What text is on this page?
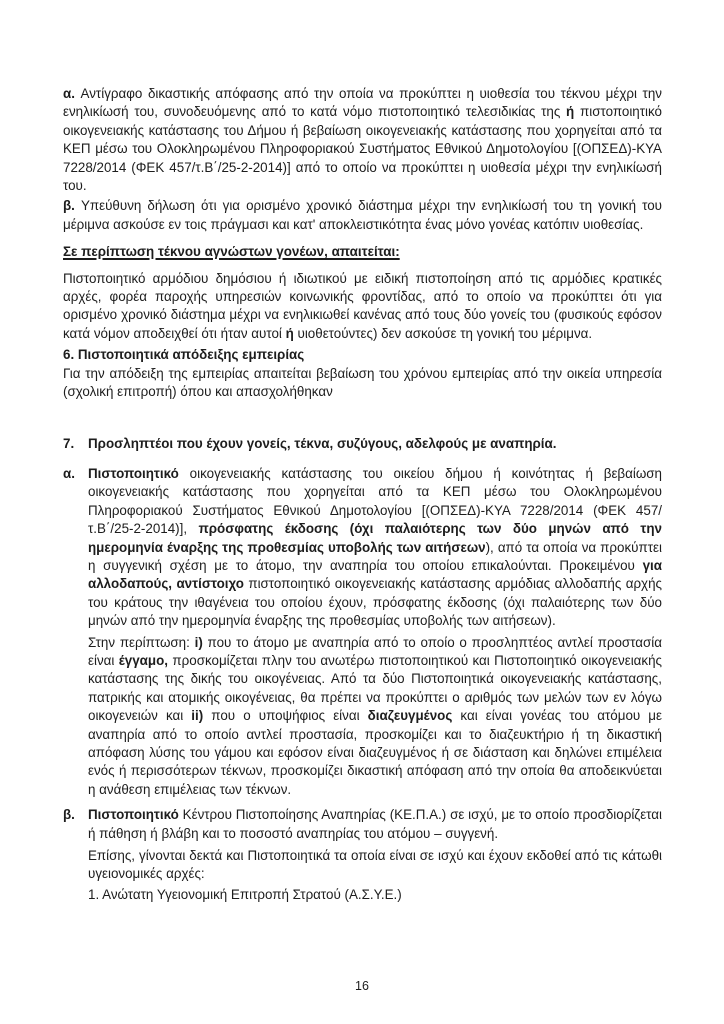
α. Αντίγραφο δικαστικής απόφασης από την οποία να προκύπτει η υιοθεσία του τέκνου μέχρι την ενηλικίωσή του, συνοδευόμενης από το κατά νόμο πιστοποιητικό τελεσιδικίας της ή πιστοποιητικό οικογενειακής κατάστασης του Δήμου ή βεβαίωση οικογενειακής κατάστασης που χορηγείται από τα ΚΕΠ μέσω του Ολοκληρωμένου Πληροφοριακού Συστήματος Εθνικού Δημοτολογίου [(ΟΠΣΕΔ)-ΚΥΑ 7228/2014 (ΦΕΚ 457/τ.Β΄/25-2-2014)] από το οποίο να προκύπτει η υιοθεσία μέχρι την ενηλικίωσή του.

β. Υπεύθυνη δήλωση ότι για ορισμένο χρονικό διάστημα μέχρι την ενηλικίωσή του τη γονική του μέριμνα ασκούσε εν τοις πράγμασι και κατ' αποκλειστικότητα ένας μόνο γονέας κατόπιν υιοθεσίας.

Σε περίπτωση τέκνου αγνώστων γονέων, απαιτείται:

Πιστοποιητικό αρμόδιου δημόσιου ή ιδιωτικού με ειδική πιστοποίηση από τις αρμόδιες κρατικές αρχές, φορέα παροχής υπηρεσιών κοινωνικής φροντίδας, από το οποίο να προκύπτει ότι για ορισμένο χρονικό διάστημα μέχρι να ενηλικιωθεί κανένας από τους δύο γονείς του (φυσικούς εφόσον κατά νόμον αποδειχθεί ότι ήταν αυτοί ή υιοθετούντες) δεν ασκούσε τη γονική του μέριμνα.

6. Πιστοποιητικά απόδειξης εμπειρίας

Για την απόδειξη της εμπειρίας απαιτείται βεβαίωση του χρόνου εμπειρίας από την οικεία υπηρεσία (σχολική επιτροπή) όπου και απασχολήθηκαν

7. Προσληπτέοι που έχουν γονείς, τέκνα, συζύγους, αδελφούς με αναπηρία.

α. Πιστοποιητικό οικογενειακής κατάστασης του οικείου δήμου ή κοινότητας ή βεβαίωση οικογενειακής κατάστασης που χορηγείται από τα ΚΕΠ μέσω του Ολοκληρωμένου Πληροφοριακού Συστήματος Εθνικού Δημοτολογίου [(ΟΠΣΕΔ)-ΚΥΑ 7228/2014 (ΦΕΚ 457/τ.Β΄/25-2-2014)], πρόσφατης έκδοσης (όχι παλαιότερης των δύο μηνών από την ημερομηνία έναρξης της προθεσμίας υποβολής των αιτήσεων), από τα οποία να προκύπτει η συγγενική σχέση με το άτομο, την αναπηρία του οποίου επικαλούνται. Προκειμένου για αλλοδαπούς, αντίστοιχο πιστοποιητικό οικογενειακής κατάστασης αρμόδιας αλλοδαπής αρχής του κράτους την ιθαγένεια του οποίου έχουν, πρόσφατης έκδοσης (όχι παλαιότερης των δύο μηνών από την ημερομηνία έναρξης της προθεσμίας υποβολής των αιτήσεων).

Στην περίπτωση: i) που το άτομο με αναπηρία από το οποίο ο προσληπτέος αντλεί προστασία είναι έγγαμο, προσκομίζεται πλην του ανωτέρω πιστοποιητικού και Πιστοποιητικό οικογενειακής κατάστασης της δικής του οικογένειας. Από τα δύο Πιστοποιητικά οικογενειακής κατάστασης, πατρικής και ατομικής οικογένειας, θα πρέπει να προκύπτει ο αριθμός των μελών των εν λόγω οικογενειών και ii) που ο υποψήφιος είναι διαζευγμένος και είναι γονέας του ατόμου με αναπηρία από το οποίο αντλεί προστασία, προσκομίζει και το διαζευκτήριο ή τη δικαστική απόφαση λύσης του γάμου και εφόσον είναι διαζευγμένος ή σε διάσταση και δηλώνει επιμέλεια ενός ή περισσότερων τέκνων, προσκομίζει δικαστική απόφαση από την οποία θα αποδεικνύεται η ανάθεση επιμέλειας των τέκνων.

β. Πιστοποιητικό Κέντρου Πιστοποίησης Αναπηρίας (ΚΕ.Π.Α.) σε ισχύ, με το οποίο προσδιορίζεται ή πάθηση ή βλάβη και το ποσοστό αναπηρίας του ατόμου – συγγενή.

Επίσης, γίνονται δεκτά και Πιστοποιητικά τα οποία είναι σε ισχύ και έχουν εκδοθεί από τις κάτωθι υγειονομικές αρχές:

1. Ανώτατη Υγειονομική Επιτροπή Στρατού (Α.Σ.Υ.Ε.)

16
